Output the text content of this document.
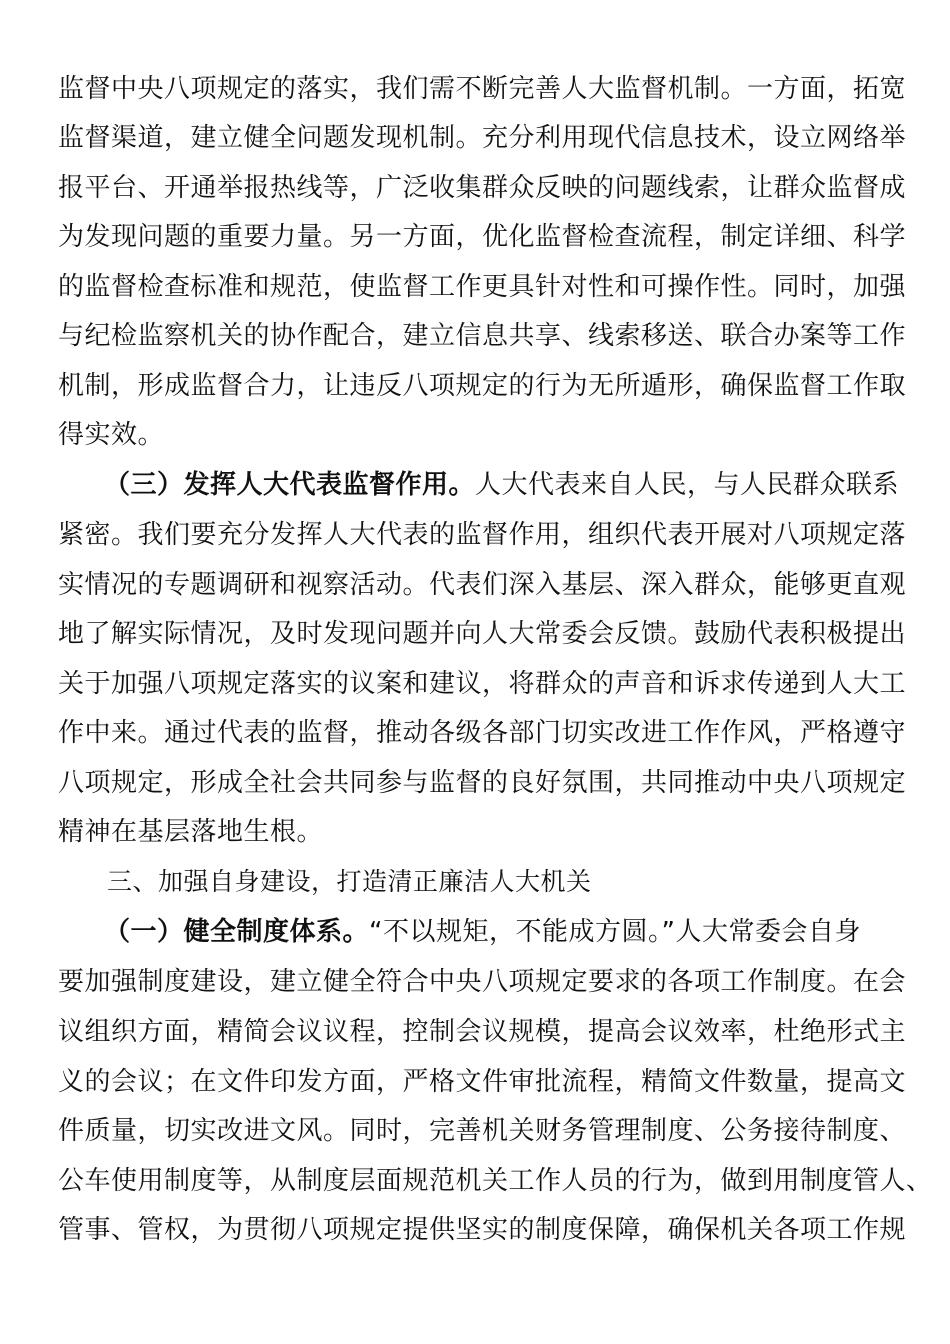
监督中央八项规定的落实，我们需不断完善人大监督机制。一方面，拓宽
监督渠道，建立健全问题发现机制。充分利用现代信息技术，设立网络举
报平台、开通举报热线等，广泛收集群众反映的问题线索，让群众监督成
为发现问题的重要力量。另一方面，优化监督检查流程，制定详细、科学
的监督检查标准和规范，使监督工作更具针对性和可操作性。同时，加强
与纪检监察机关的协作配合，建立信息共享、线索移送、联合办案等工作
机制，形成监督合力，让违反八项规定的行为无所遁形，确保监督工作取
得实效。
（三）发挥人大代表监督作用。人大代表来自人民，与人民群众联系
紧密。我们要充分发挥人大代表的监督作用，组织代表开展对八项规定落
实情况的专题调研和视察活动。代表们深入基层、深入群众，能够更直观
地了解实际情况，及时发现问题并向人大常委会反馈。鼓励代表积极提出
关于加强八项规定落实的议案和建议，将群众的声音和诉求传递到人大工
作中来。通过代表的监督，推动各级各部门切实改进工作作风，严格遵守
八项规定，形成全社会共同参与监督的良好氛围，共同推动中央八项规定
精神在基层落地生根。
三、加强自身建设，打造清正廉洁人大机关
（一）健全制度体系。“不以规矩，不能成方圆。”人大常委会自身
要加强制度建设，建立健全符合中央八项规定要求的各项工作制度。在会
议组织方面，精简会议议程，控制会议规模，提高会议效率，杜绝形式主
义的会议；在文件印发方面，严格文件审批流程，精简文件数量，提高文
件质量，切实改进文风。同时，完善机关财务管理制度、公务接待制度、
公车使用制度等，从制度层面规范机关工作人员的行为，做到用制度管人、
管事、管权，为贯彻八项规定提供坚实的制度保障，确保机关各项工作规
